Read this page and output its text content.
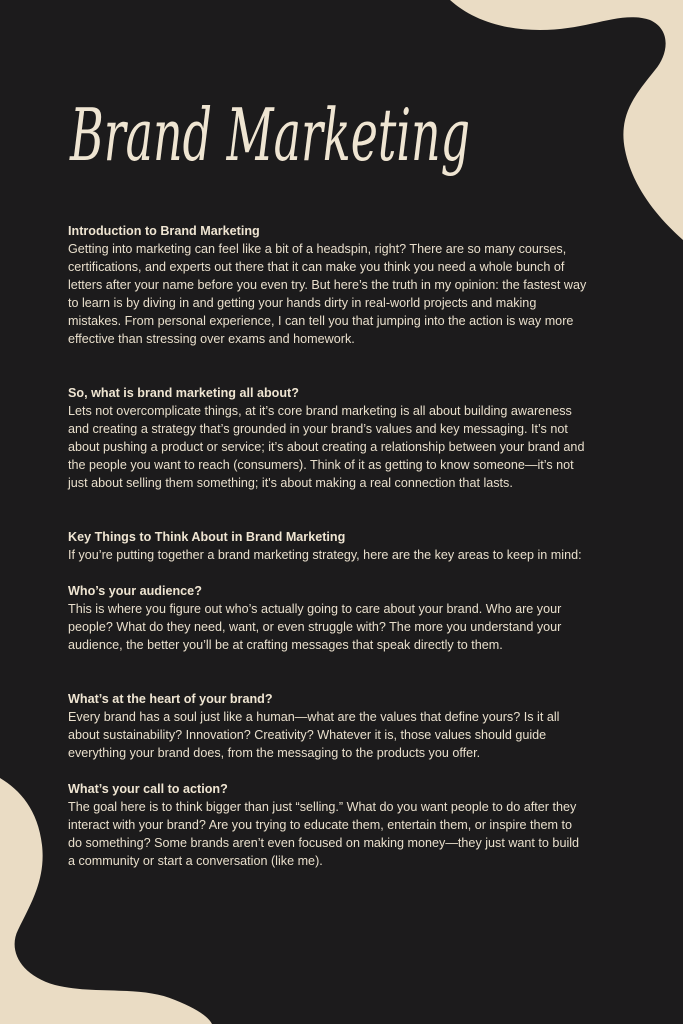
Brand Marketing
Introduction to Brand Marketing

Getting into marketing can feel like a bit of a headspin, right? There are so many courses, certifications, and experts out there that it can make you think you need a whole bunch of letters after your name before you even try. But here’s the truth in my opinion: the fastest way to learn is by diving in and getting your hands dirty in real-world projects and making mistakes. From personal experience, I can tell you that jumping into the action is way more effective than stressing over exams and homework.

So, what is brand marketing all about?

Lets not overcomplicate things, at it’s core brand marketing is all about building awareness and creating a strategy that’s grounded in your brand’s values and key messaging. It’s not about pushing a product or service; it’s about creating a relationship between your brand and the people you want to reach (consumers). Think of it as getting to know someone—it’s not just about selling them something; it's about making a real connection that lasts.

Key Things to Think About in Brand Marketing

If you’re putting together a brand marketing strategy, here are the key areas to keep in mind:

Who’s your audience?

This is where you figure out who’s actually going to care about your brand. Who are your people? What do they need, want, or even struggle with? The more you understand your audience, the better you’ll be at crafting messages that speak directly to them.

What’s at the heart of your brand?

Every brand has a soul just like a human—what are the values that define yours? Is it all about sustainability? Innovation? Creativity? Whatever it is, those values should guide everything your brand does, from the messaging to the products you offer.

What’s your call to action?

The goal here is to think bigger than just “selling.” What do you want people to do after they interact with your brand? Are you trying to educate them, entertain them, or inspire them to do something? Some brands aren’t even focused on making money—they just want to build a community or start a conversation (like me).
